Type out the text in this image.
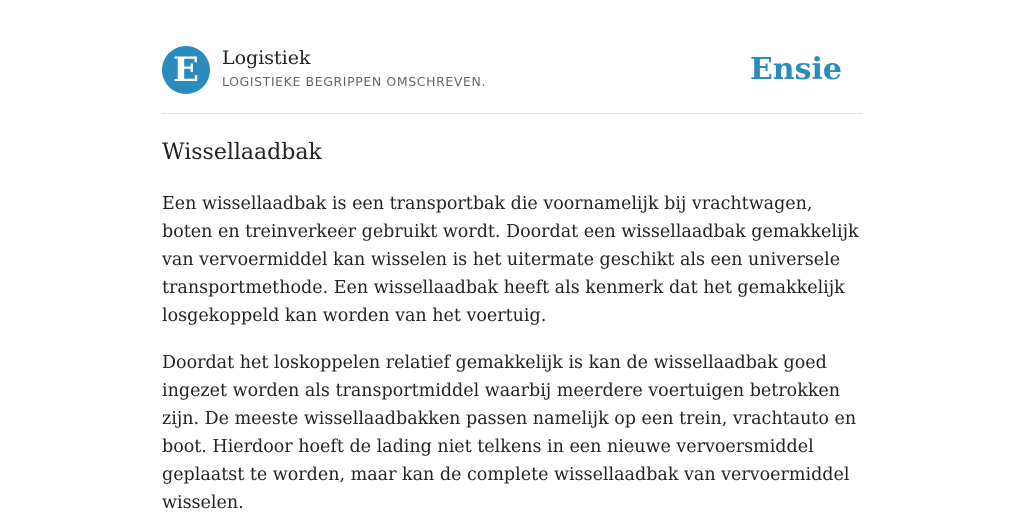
E	Logistiek
LOGISTIEKE BEGRIPPEN OMSCHREVEN.	Ensie
Wissellaadbak

Een wissellaadbak is een transportbak die voornamelijk bij vrachtwagen, boten en treinverkeer gebruikt wordt. Doordat een wissellaadbak gemakkelijk van vervoermiddel kan wisselen is het uitermate geschikt als een universele transportmethode. Een wissellaadbak heeft als kenmerk dat het gemakkelijk losgekoppeld kan worden van het voertuig.

Doordat het loskoppelen relatief gemakkelijk is kan de wissellaadbak goed ingezet worden als transportmiddel waarbij meerdere voertuigen betrokken zijn. De meeste wissellaadbakken passen namelijk op een trein, vrachtauto en boot. Hierdoor hoeft de lading niet telkens in een nieuwe vervoersmiddel geplaatst te worden, maar kan de complete wissellaadbak van vervoermiddel wisselen.
